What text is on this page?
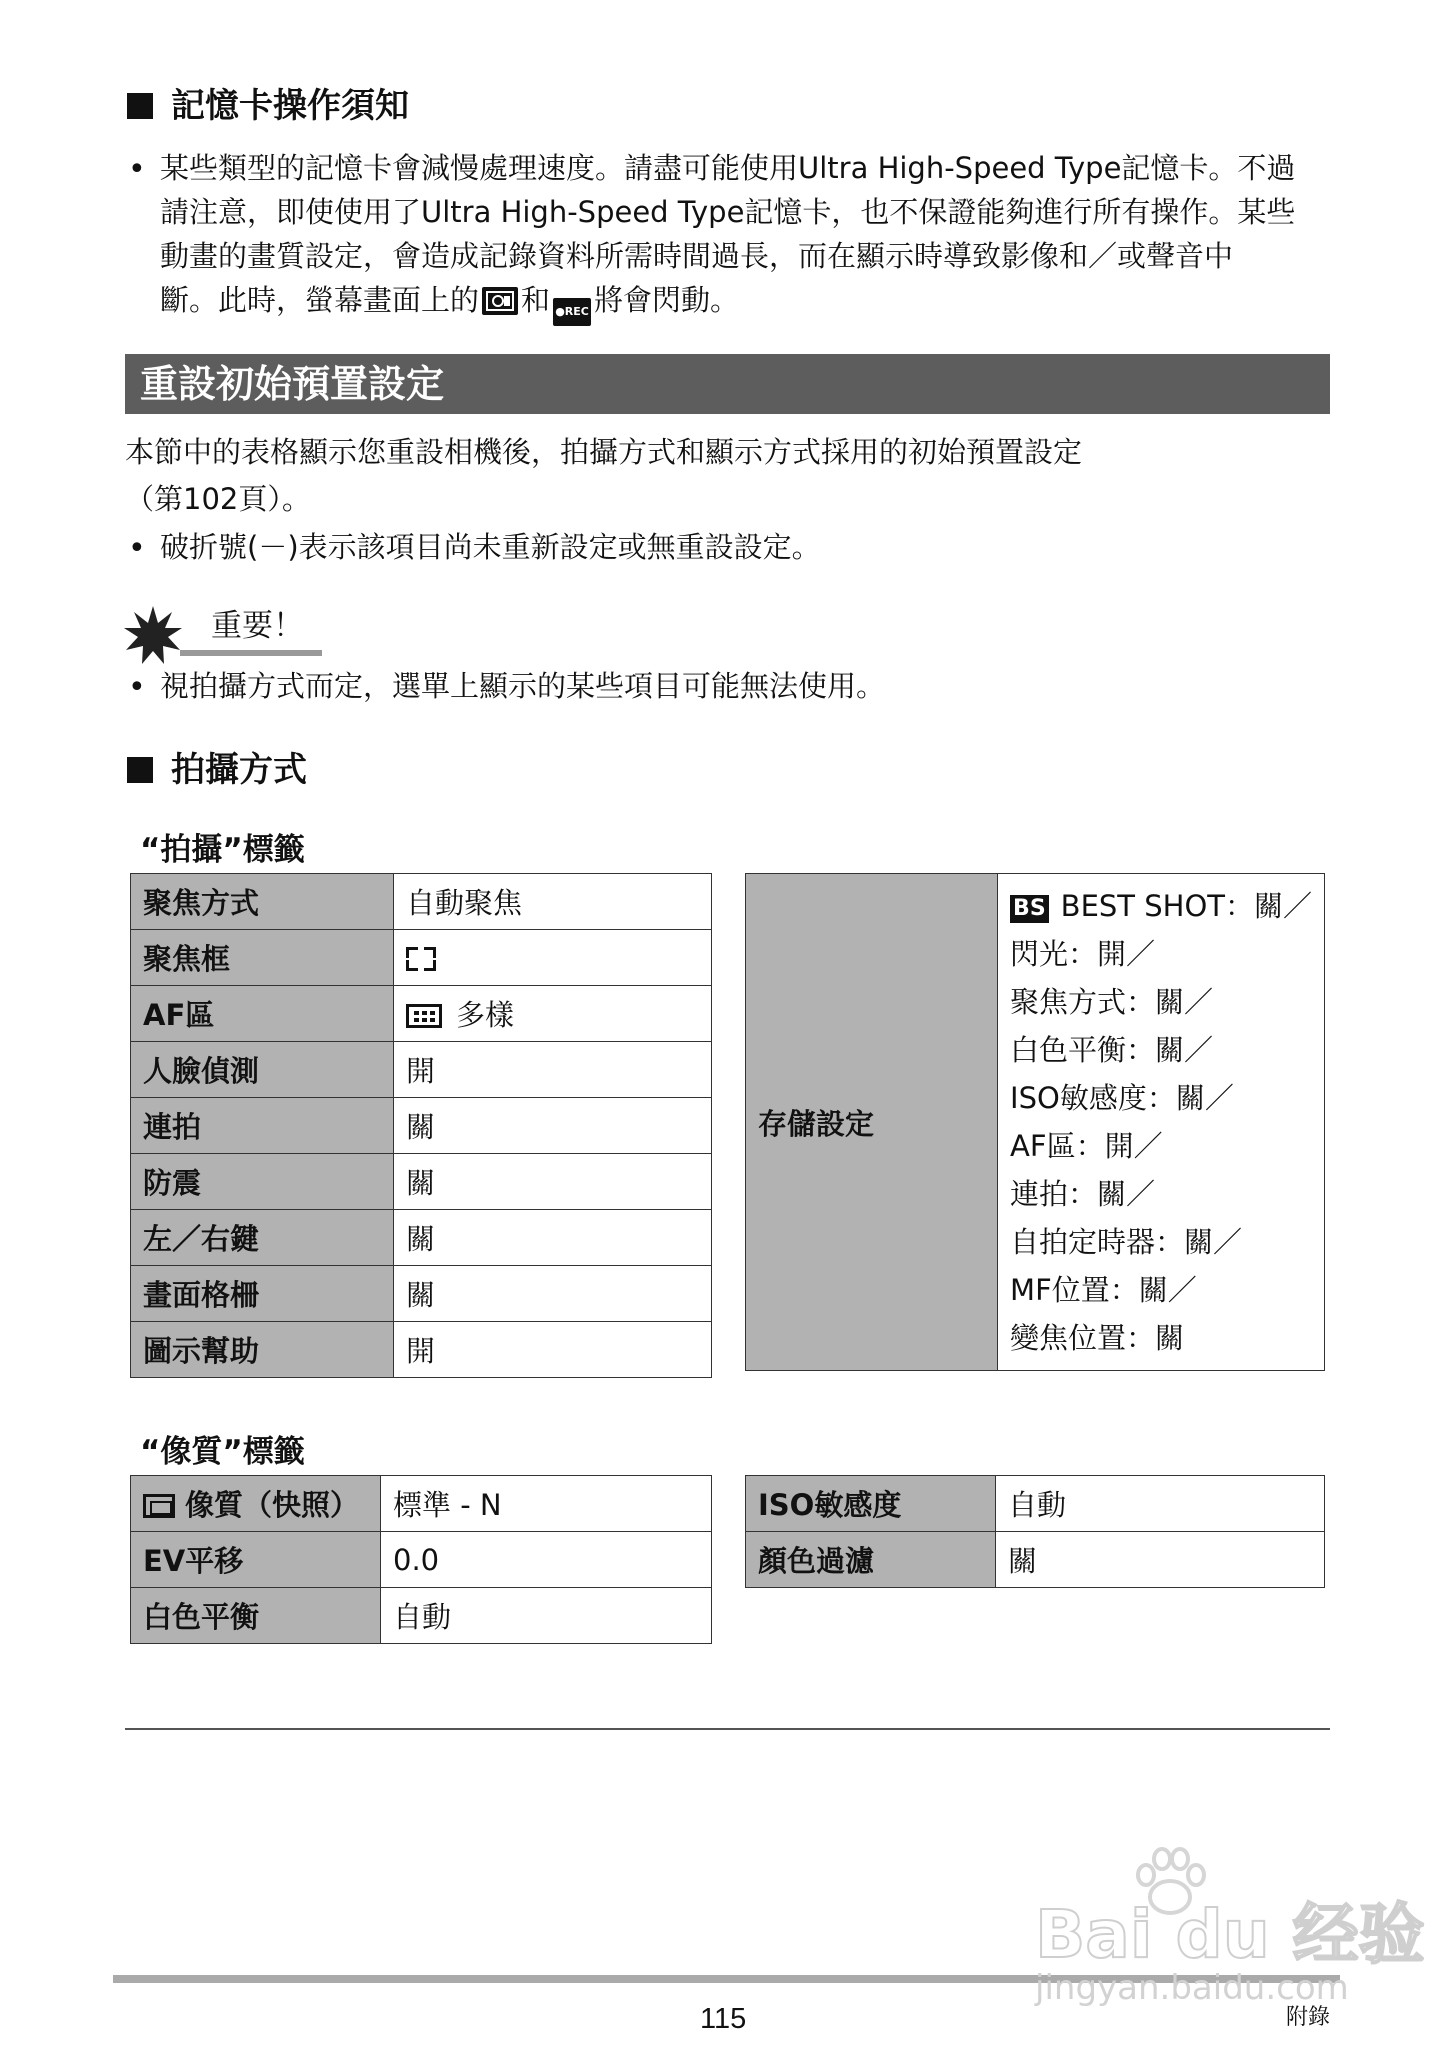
記憶卡操作須知
• 某些類型的記憶卡會減慢處理速度。請盡可能使用Ultra High-Speed Type記憶卡。不過
請注意，即使使用了Ultra High-Speed Type記憶卡，也不保證能夠進行所有操作。某些
動畫的畫質設定，會造成記錄資料所需時間過長，而在顯示時導致影像和／或聲音中
斷。此時，螢幕畫面上的 和 ●REC 將會閃動。
重設初始預置設定
本節中的表格顯示您重設相機後，拍攝方式和顯示方式採用的初始預置設定
（第102頁）。
• 破折號(－)表示該項目尚未重新設定或無重設設定。
重要！
• 視拍攝方式而定，選單上顯示的某些項目可能無法使用。
拍攝方式
“拍攝”標籤
聚焦方式	自動聚焦
聚焦框	

AF區	多樣
人臉偵測	開
連拍	關
防震	關
左／右鍵	關
畫面格柵	關
圖示幫助	開
存儲設定	
BS BEST SHOT：關／
閃光：開／
聚焦方式：關／
白色平衡：關／
ISO敏感度：關／
AF區：開／
連拍：關／
自拍定時器：關／
MF位置：關／
變焦位置：關
“像質”標籤
像質（快照）	標準 - N
EV平移	0.0
白色平衡	自動
ISO敏感度	自動
顏色過濾	關
115	附錄
Bai du 经验
jingyan.baidu.com
